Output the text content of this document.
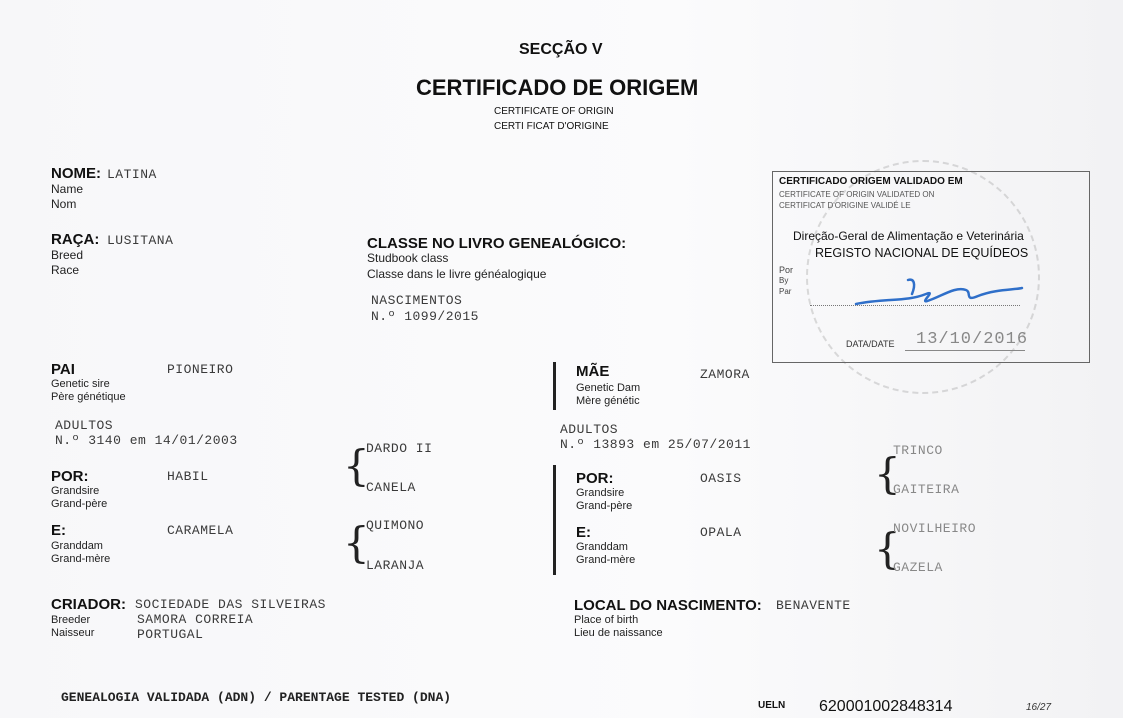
SECÇÃO V
CERTIFICADO DE ORIGEM
CERTIFICATE OF ORIGIN
CERTI FICAT D'ORIGINE
NOME: LATINA
Name
Nom
RAÇA: LUSITANA
Breed
Race
CLASSE NO LIVRO GENEALÓGICO:
Studbook class
Classe dans le livre généalogique
NASCIMENTOS
N.º 1099/2015
CERTIFICADO ORIGEM VALIDADO EM
CERTIFICATE OF ORIGIN VALIDATED ON
CERTIFICAT D'ORIGINE VALIDÉ LE
Direção-Geral de Alimentação e Veterinária
REGISTO NACIONAL DE EQUÍDEOS
Por
By
Par
DATA/DATE 13/10/2016
PAI
Genetic sire
Père génétique
PIONEIRO
ADULTOS
N.º 3140 em 14/01/2003
POR:
Grandsire
Grand-père
HABIL	{
DARDO II
CANELA
E:
Granddam
Grand-mère
CARAMELA	{
QUIMONO
LARANJA
MÃE
Genetic Dam
Mère génétic
ZAMORA
ADULTOS
N.º 13893 em 25/07/2011
POR:
Grandsire
Grand-père
OASIS	{
TRINCO
GAITEIRA
E:
Granddam
Grand-mère
OPALA	{
NOVILHEIRO
GAZELA
CRIADOR:
Breeder
Naisseur
SOCIEDADE DAS SILVEIRAS
SAMORA CORREIA
PORTUGAL
LOCAL DO NASCIMENTO:
Place of birth
Lieu de naissance
BENAVENTE
GENEALOGIA VALIDADA (ADN) / PARENTAGE TESTED (DNA)
UELN 620001002848314	16/27
